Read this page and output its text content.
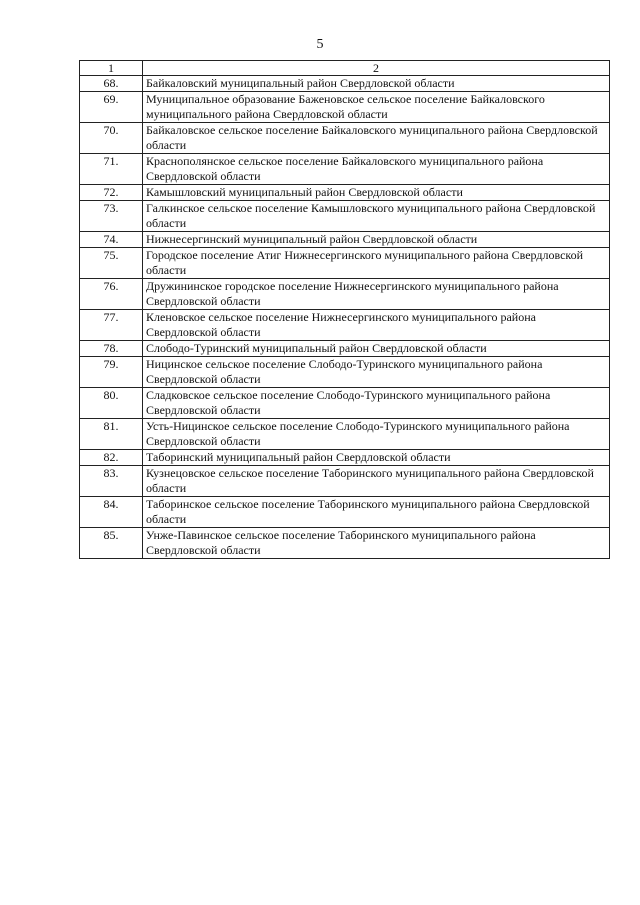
5
1	2
68.	Байкаловский муниципальный район Свердловской области
69.	Муниципальное образование Баженовское сельское поселение Байкаловского муниципального района Свердловской области
70.	Байкаловское сельское поселение Байкаловского муниципального района Свердловской области
71.	Краснополянское сельское поселение Байкаловского муниципального района Свердловской области
72.	Камышловский муниципальный район Свердловской области
73.	Галкинское сельское поселение Камышловского муниципального района Свердловской области
74.	Нижнесергинский муниципальный район Свердловской области
75.	Городское поселение Атиг Нижнесергинского муниципального района Свердловской области
76.	Дружининское городское поселение Нижнесергинского муниципального района Свердловской области
77.	Кленовское сельское поселение Нижнесергинского муниципального района Свердловской области
78.	Слободо-Туринский муниципальный район Свердловской области
79.	Ницинское сельское поселение Слободо-Туринского муниципального района Свердловской области
80.	Сладковское сельское поселение Слободо-Туринского муниципального района Свердловской области
81.	Усть-Ницинское сельское поселение Слободо-Туринского муниципального района Свердловской области
82.	Таборинский муниципальный район Свердловской области
83.	Кузнецовское сельское поселение Таборинского муниципального района Свердловской области
84.	Таборинское сельское поселение Таборинского муниципального района Свердловской области
85.	Унже-Павинское сельское поселение Таборинского муниципального района Свердловской области
